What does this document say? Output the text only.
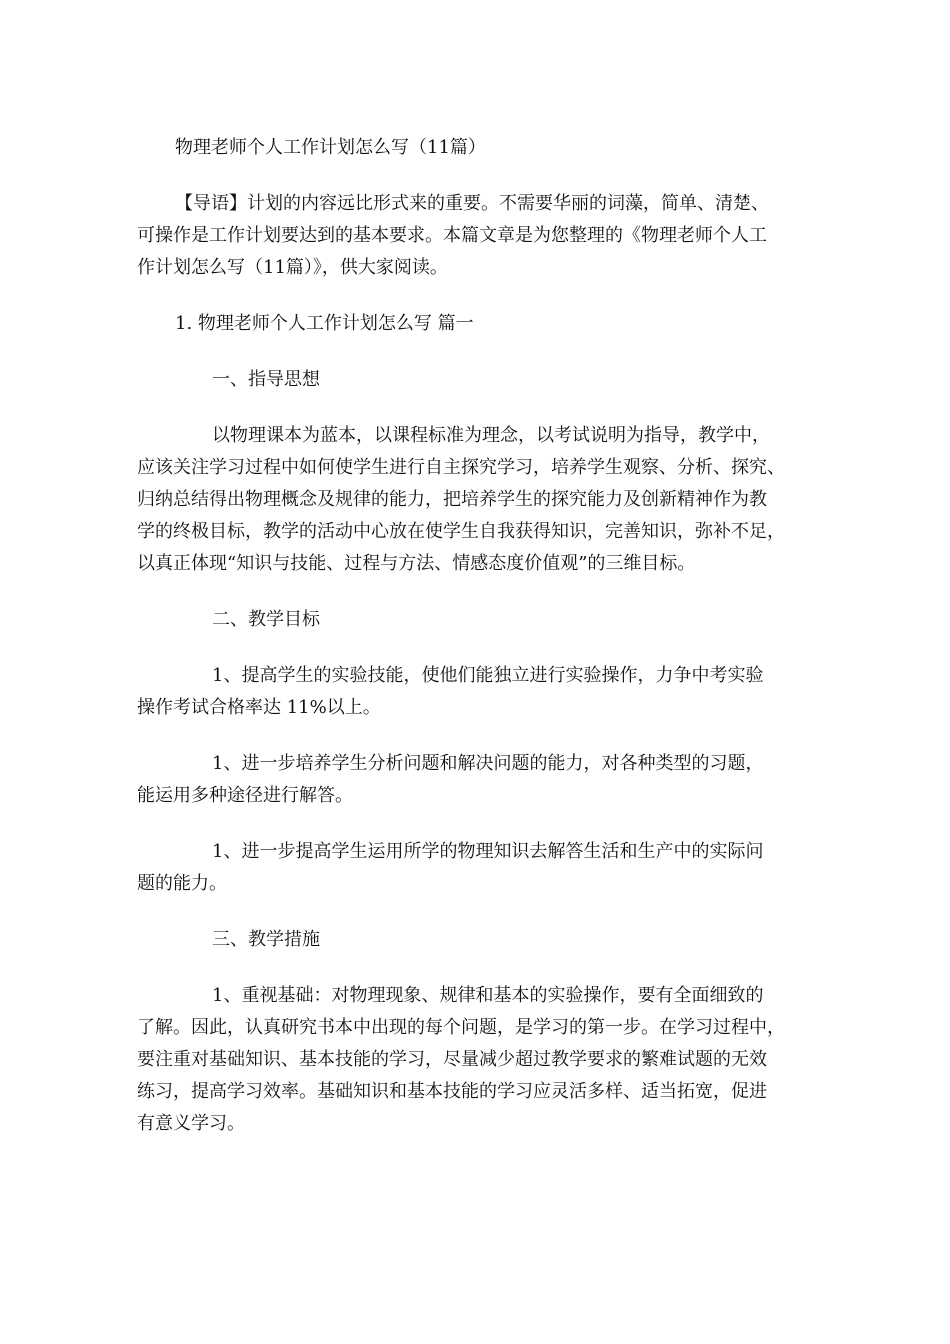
物理老师个人工作计划怎么写（11篇）

【导语】计划的内容远比形式来的重要。不需要华丽的词藻，简单、清楚、
可操作是工作计划要达到的基本要求。本篇文章是为您整理的《物理老师个人工
作计划怎么写（11篇）》，供大家阅读。

1. 物理老师个人工作计划怎么写 篇一

一、指导思想

以物理课本为蓝本，以课程标准为理念，以考试说明为指导，教学中，
应该关注学习过程中如何使学生进行自主探究学习，培养学生观察、分析、探究、
归纳总结得出物理概念及规律的能力，把培养学生的探究能力及创新精神作为教
学的终极目标，教学的活动中心放在使学生自我获得知识，完善知识，弥补不足，
以真正体现“知识与技能、过程与方法、情感态度价值观”的三维目标。

二、教学目标

1、提高学生的实验技能，使他们能独立进行实验操作，力争中考实验
操作考试合格率达 11%以上。

1、进一步培养学生分析问题和解决问题的能力，对各种类型的习题，
能运用多种途径进行解答。

1、进一步提高学生运用所学的物理知识去解答生活和生产中的实际问
题的能力。

三、教学措施

1、重视基础：对物理现象、规律和基本的实验操作，要有全面细致的
了解。因此，认真研究书本中出现的每个问题，是学习的第一步。在学习过程中，
要注重对基础知识、基本技能的学习，尽量减少超过教学要求的繁难试题的无效
练习，提高学习效率。基础知识和基本技能的学习应灵活多样、适当拓宽，促进
有意义学习。
